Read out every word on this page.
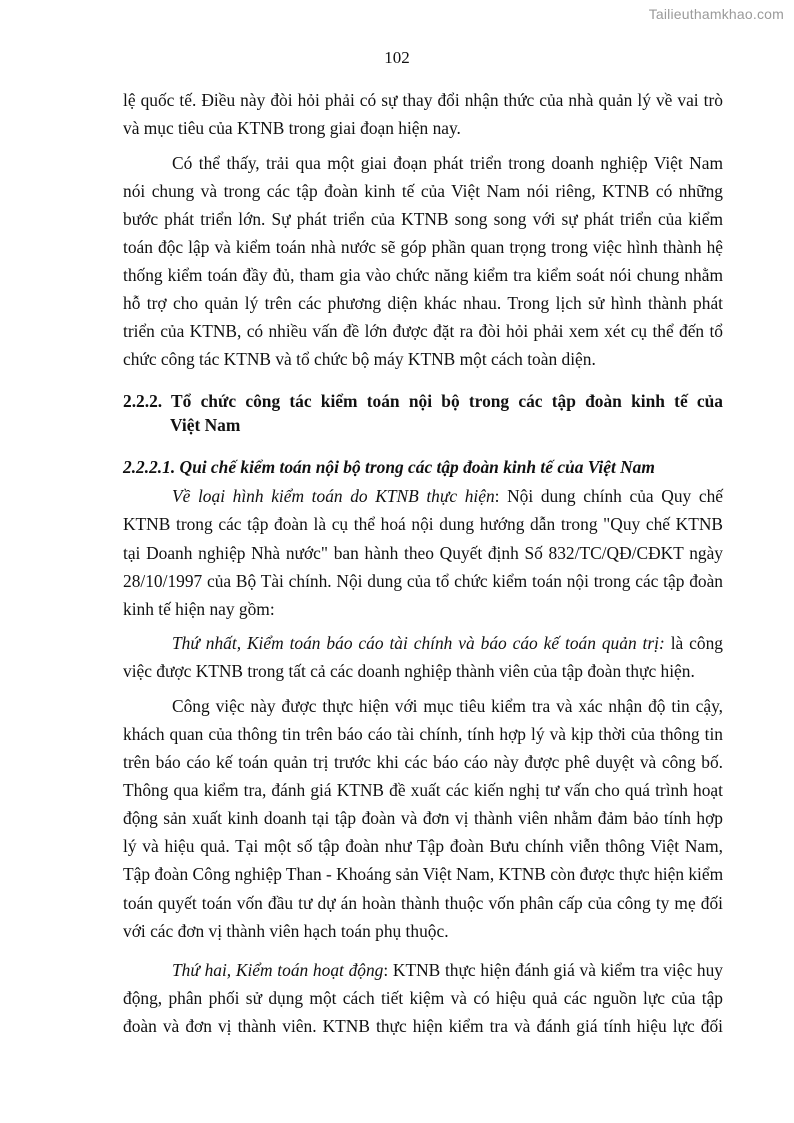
Tailieuthamkhao.com
102
lệ quốc tế. Điều này đòi hỏi phải có sự thay đổi nhận thức của nhà quản lý về vai trò
và mục tiêu của KTNB trong giai đoạn hiện nay.
Có thể thấy, trải qua một giai đoạn phát triển trong doanh nghiệp Việt Nam
nói chung và trong các tập đoàn kinh tế của Việt Nam nói riêng, KTNB có những
bước phát triển lớn. Sự phát triển của KTNB song song với sự phát triển của kiểm
toán độc lập và kiểm toán nhà nước sẽ góp phần quan trọng trong việc hình thành hệ
thống kiểm toán đầy đủ, tham gia vào chức năng kiểm tra kiểm soát nói chung nhằm
hỗ trợ cho quản lý trên các phương diện khác nhau. Trong lịch sử hình thành phát
triển của KTNB, có nhiều vấn đề lớn được đặt ra đòi hỏi phải xem xét cụ thể đến tổ
chức công tác KTNB và tổ chức bộ máy KTNB một cách toàn diện.
2.2.2. Tổ chức công tác kiểm toán nội bộ trong các tập đoàn kinh tế của
Việt Nam
2.2.2.1. Qui chế kiểm toán nội bộ trong các tập đoàn kinh tế của Việt Nam
Về loại hình kiểm toán do KTNB thực hiện: Nội dung chính của Quy chế
KTNB trong các tập đoàn là cụ thể hoá nội dung hướng dẫn trong "Quy chế KTNB
tại Doanh nghiệp Nhà nước" ban hành theo Quyết định Số 832/TC/QĐ/CĐKT ngày
28/10/1997 của Bộ Tài chính. Nội dung của tổ chức kiểm toán nội trong các tập đoàn
kinh tế hiện nay gồm:
Thứ nhất, Kiểm toán báo cáo tài chính và báo cáo kế toán quản trị: là công
việc được KTNB trong tất cả các doanh nghiệp thành viên của tập đoàn thực hiện.
Công việc này được thực hiện với mục tiêu kiểm tra và xác nhận độ tin cậy,
khách quan của thông tin trên báo cáo tài chính, tính hợp lý và kịp thời của thông tin
trên báo cáo kế toán quản trị trước khi các báo cáo này được phê duyệt và công bố.
Thông qua kiểm tra, đánh giá KTNB đề xuất các kiến nghị tư vấn cho quá trình hoạt
động sản xuất kinh doanh tại tập đoàn và đơn vị thành viên nhằm đảm bảo tính hợp
lý và hiệu quả. Tại một số tập đoàn như Tập đoàn Bưu chính viễn thông Việt Nam,
Tập đoàn Công nghiệp Than - Khoáng sản Việt Nam, KTNB còn được thực hiện kiểm
toán quyết toán vốn đầu tư dự án hoàn thành thuộc vốn phân cấp của công ty mẹ đối
với các đơn vị thành viên hạch toán phụ thuộc.
Thứ hai, Kiểm toán hoạt động: KTNB thực hiện đánh giá và kiểm tra việc huy
động, phân phối sử dụng một cách tiết kiệm và có hiệu quả các nguồn lực của tập
đoàn và đơn vị thành viên. KTNB thực hiện kiểm tra và đánh giá tính hiệu lực đối
